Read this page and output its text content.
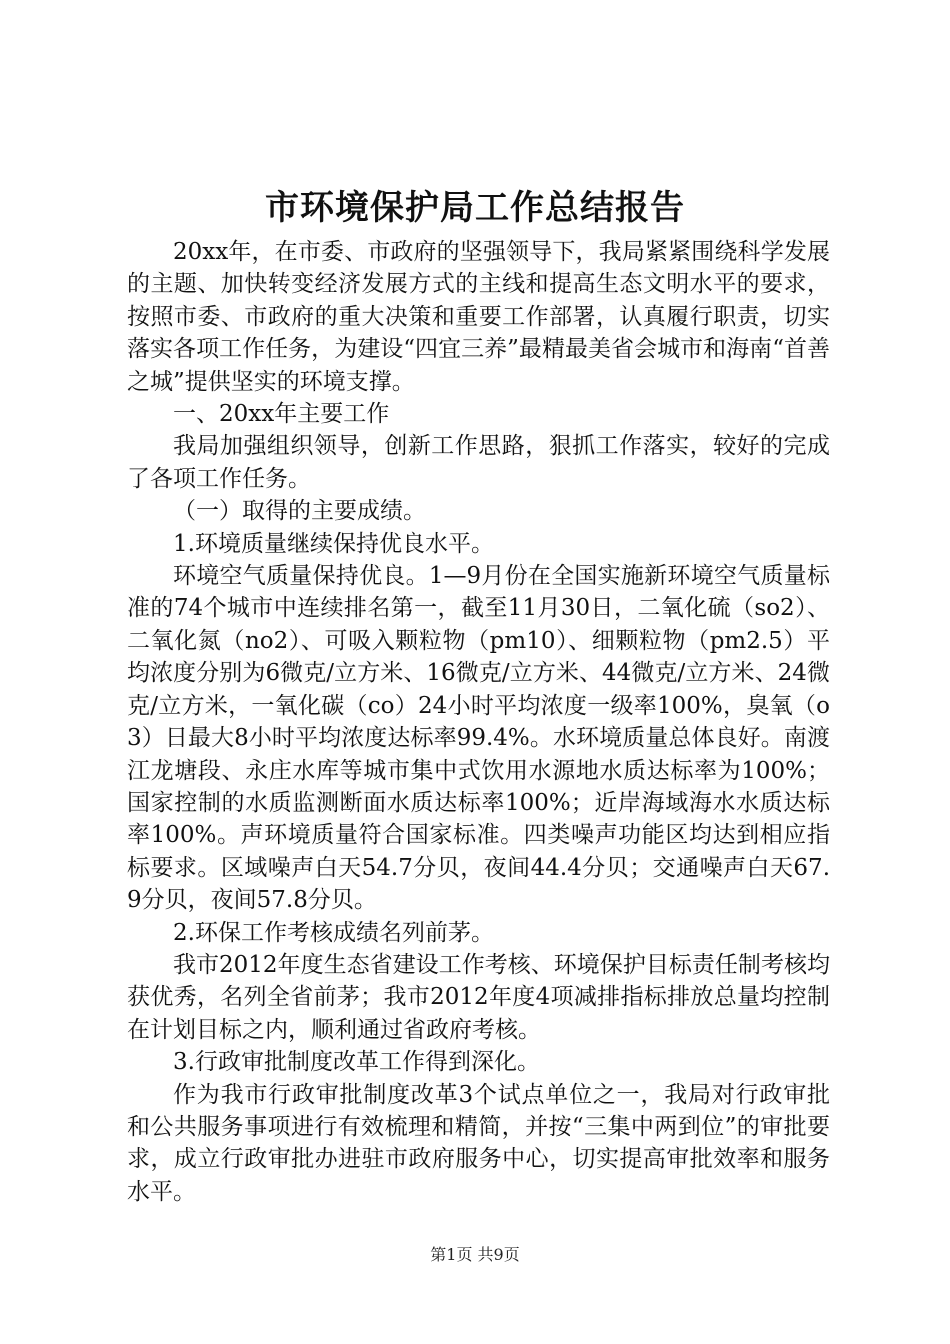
市环境保护局工作总结报告

20xx年，在市委、市政府的坚强领导下，我局紧紧围绕科学发展的主题、加快转变经济发展方式的主线和提高生态文明水平的要求，按照市委、市政府的重大决策和重要工作部署，认真履行职责，切实落实各项工作任务，为建设“四宜三养”最精最美省会城市和海南“首善之城”提供坚实的环境支撑。

一、20xx年主要工作

我局加强组织领导，创新工作思路，狠抓工作落实，较好的完成了各项工作任务。

（一）取得的主要成绩。

1.环境质量继续保持优良水平。

环境空气质量保持优良。1—9月份在全国实施新环境空气质量标准的74个城市中连续排名第一，截至11月30日，二氧化硫（so2）、二氧化氮（no2）、可吸入颗粒物（pm10）、细颗粒物（pm2.5）平均浓度分别为6微克/立方米、16微克/立方米、44微克/立方米、24微克/立方米，一氧化碳（co）24小时平均浓度一级率100%，臭氧（o3）日最大8小时平均浓度达标率99.4%。水环境质量总体良好。南渡江龙塘段、永庄水库等城市集中式饮用水源地水质达标率为100%；国家控制的水质监测断面水质达标率100%；近岸海域海水水质达标率100%。声环境质量符合国家标准。四类噪声功能区均达到相应指标要求。区域噪声白天54.7分贝，夜间44.4分贝；交通噪声白天67.9分贝，夜间57.8分贝。

2.环保工作考核成绩名列前茅。

我市2012年度生态省建设工作考核、环境保护目标责任制考核均获优秀，名列全省前茅；我市2012年度4项减排指标排放总量均控制在计划目标之内，顺利通过省政府考核。

3.行政审批制度改革工作得到深化。

作为我市行政审批制度改革3个试点单位之一，我局对行政审批和公共服务事项进行有效梳理和精简，并按“三集中两到位”的审批要求，成立行政审批办进驻市政府服务中心，切实提高审批效率和服务水平。

第1页 共9页
